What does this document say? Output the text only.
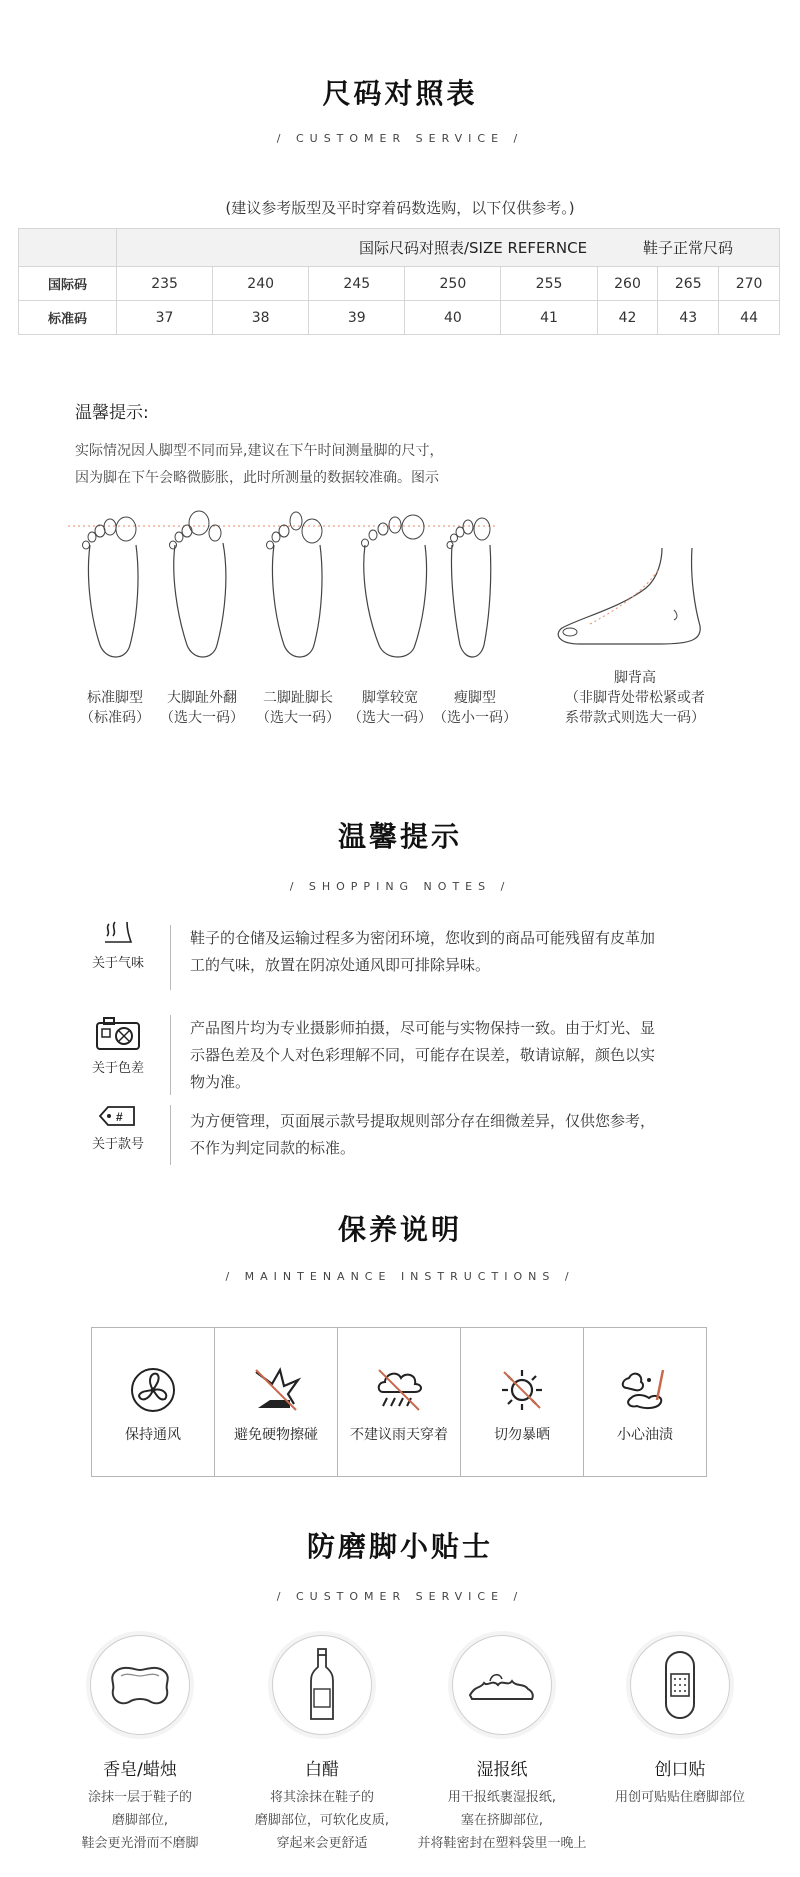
尺码对照表
/ CUSTOMER SERVICE /
(建议参考版型及平时穿着码数选购，以下仅供参考。)
	国际尺码对照表/SIZE REFERNCE					鞋子正常尺码		
国际码	235	240	245	250	255	260	265	270
标准码	37	38	39	40	41	42	43	44
温馨提示:
实际情况因人脚型不同而异,建议在下午时间测量脚的尺寸，
因为脚在下午会略微膨胀，此时所测量的数据较准确。图示
标准脚型
（标准码）
大脚趾外翻
（选大一码）
二脚趾脚长
（选大一码）
脚掌较宽
（选大一码）
瘦脚型
（选小一码）
脚背高
（非脚背处带松紧或者
系带款式则选大一码）
温馨提示
/ SHOPPING NOTES /
关于气味
鞋子的仓储及运输过程多为密闭环境，您收到的商品可能残留有皮革加
工的气味，放置在阴凉处通风即可排除异味。
关于色差
产品图片均为专业摄影师拍摄，尽可能与实物保持一致。由于灯光、显
示器色差及个人对色彩理解不同，可能存在误差，敬请谅解，颜色以实
物为准。
#
关于款号
为方便管理，页面展示款号提取规则部分存在细微差异，仅供您参考，
不作为判定同款的标准。
保养说明
/ MAINTENANCE INSTRUCTIONS /
保持通风	避免硬物擦碰	不建议雨天穿着	切勿暴晒	小心油渍
防磨脚小贴士
/ CUSTOMER SERVICE /
香皂/蜡烛
涂抹一层于鞋子的
磨脚部位,
鞋会更光滑而不磨脚
白醋
将其涂抹在鞋子的
磨脚部位，可软化皮质,
穿起来会更舒适
湿报纸
用干报纸裹湿报纸,
塞在挤脚部位,
并将鞋密封在塑料袋里一晚上
创口贴
用创可贴贴住磨脚部位
